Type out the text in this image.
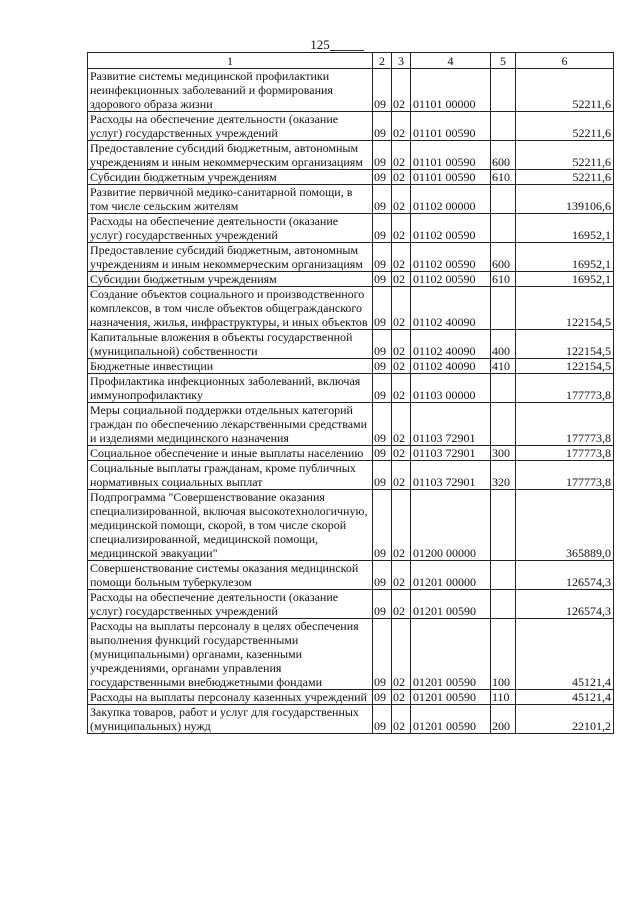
125
1	2	3	4	5	6
Развитие системы медицинской профилактики неинфекционных заболеваний и формирования здорового образа жизни	09	02	01101 00000		52211,6
Расходы на обеспечение деятельности (оказание услуг) государственных учреждений	09	02	01101 00590		52211,6
Предоставление субсидий бюджетным, автономным учреждениям и иным некоммерческим организациям	09	02	01101 00590	600	52211,6
Субсидии бюджетным учреждениям	09	02	01101 00590	610	52211,6
Развитие первичной медико-санитарной помощи, в том числе сельским жителям	09	02	01102 00000		139106,6
Расходы на обеспечение деятельности (оказание услуг) государственных учреждений	09	02	01102 00590		16952,1
Предоставление субсидий бюджетным, автономным учреждениям и иным некоммерческим организациям	09	02	01102 00590	600	16952,1
Субсидии бюджетным учреждениям	09	02	01102 00590	610	16952,1
Создание объектов социального и производственного комплексов, в том числе объектов общегражданского назначения, жилья, инфраструктуры, и иных объектов	09	02	01102 40090		122154,5
Капитальные вложения в объекты государственной (муниципальной) собственности	09	02	01102 40090	400	122154,5
Бюджетные инвестиции	09	02	01102 40090	410	122154,5
Профилактика инфекционных заболеваний, включая иммунопрофилактику	09	02	01103 00000		177773,8
Меры социальной поддержки отдельных категорий граждан по обеспечению лекарственными средствами и изделиями медицинского назначения	09	02	01103 72901		177773,8
Социальное обеспечение и иные выплаты населению	09	02	01103 72901	300	177773,8
Социальные выплаты гражданам, кроме публичных нормативных социальных выплат	09	02	01103 72901	320	177773,8
Подпрограмма "Совершенствование оказания специализированной, включая высокотехнологичную, медицинской помощи, скорой, в том числе скорой специализированной, медицинской помощи, медицинской эвакуации"	09	02	01200 00000		365889,0
Совершенствование системы оказания медицинской помощи больным туберкулезом	09	02	01201 00000		126574,3
Расходы на обеспечение деятельности (оказание услуг) государственных учреждений	09	02	01201 00590		126574,3
Расходы на выплаты персоналу в целях обеспечения выполнения функций государственными (муниципальными) органами, казенными учреждениями, органами управления государственными внебюджетными фондами	09	02	01201 00590	100	45121,4
Расходы на выплаты персоналу казенных учреждений	09	02	01201 00590	110	45121,4
Закупка товаров, работ и услуг для государственных (муниципальных) нужд	09	02	01201 00590	200	22101,2
